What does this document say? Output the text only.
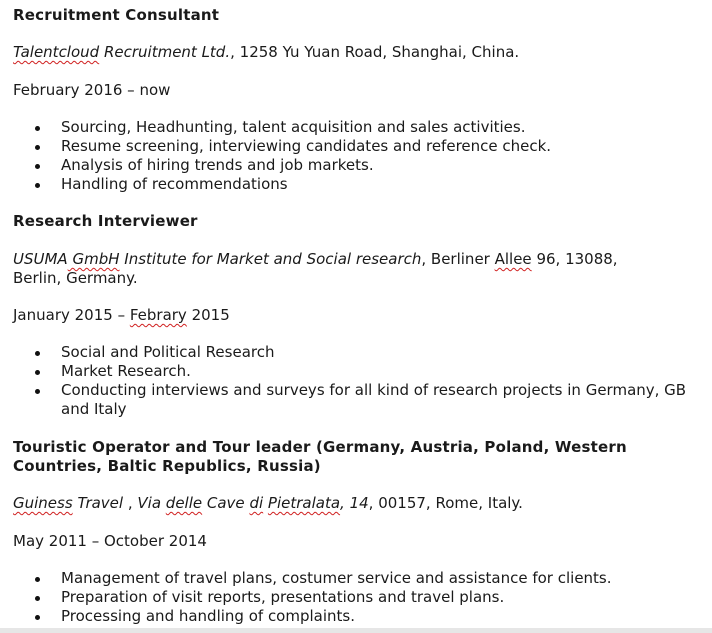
Recruitment Consultant
Talentcloud Recruitment Ltd., 1258 Yu Yuan Road, Shanghai, China.
February 2016 – now
Sourcing, Headhunting, talent acquisition and sales activities.
Resume screening, interviewing candidates and reference check.
Analysis of hiring trends and job markets.
Handling of recommendations
Research Interviewer
USUMA GmbH Institute for Market and Social research, Berliner Allee 96, 13088,
Berlin, Germany.
January 2015 – Febrary 2015
Social and Political Research
Market Research.
Conducting interviews and surveys for all kind of research projects in Germany, GB
and Italy
Touristic Operator and Tour leader (Germany, Austria, Poland, Western
Countries, Baltic Republics, Russia)
Guiness Travel , Via delle Cave di Pietralata, 14, 00157, Rome, Italy.
May 2011 – October 2014
Management of travel plans, costumer service and assistance for clients.
Preparation of visit reports, presentations and travel plans.
Processing and handling of complaints.
